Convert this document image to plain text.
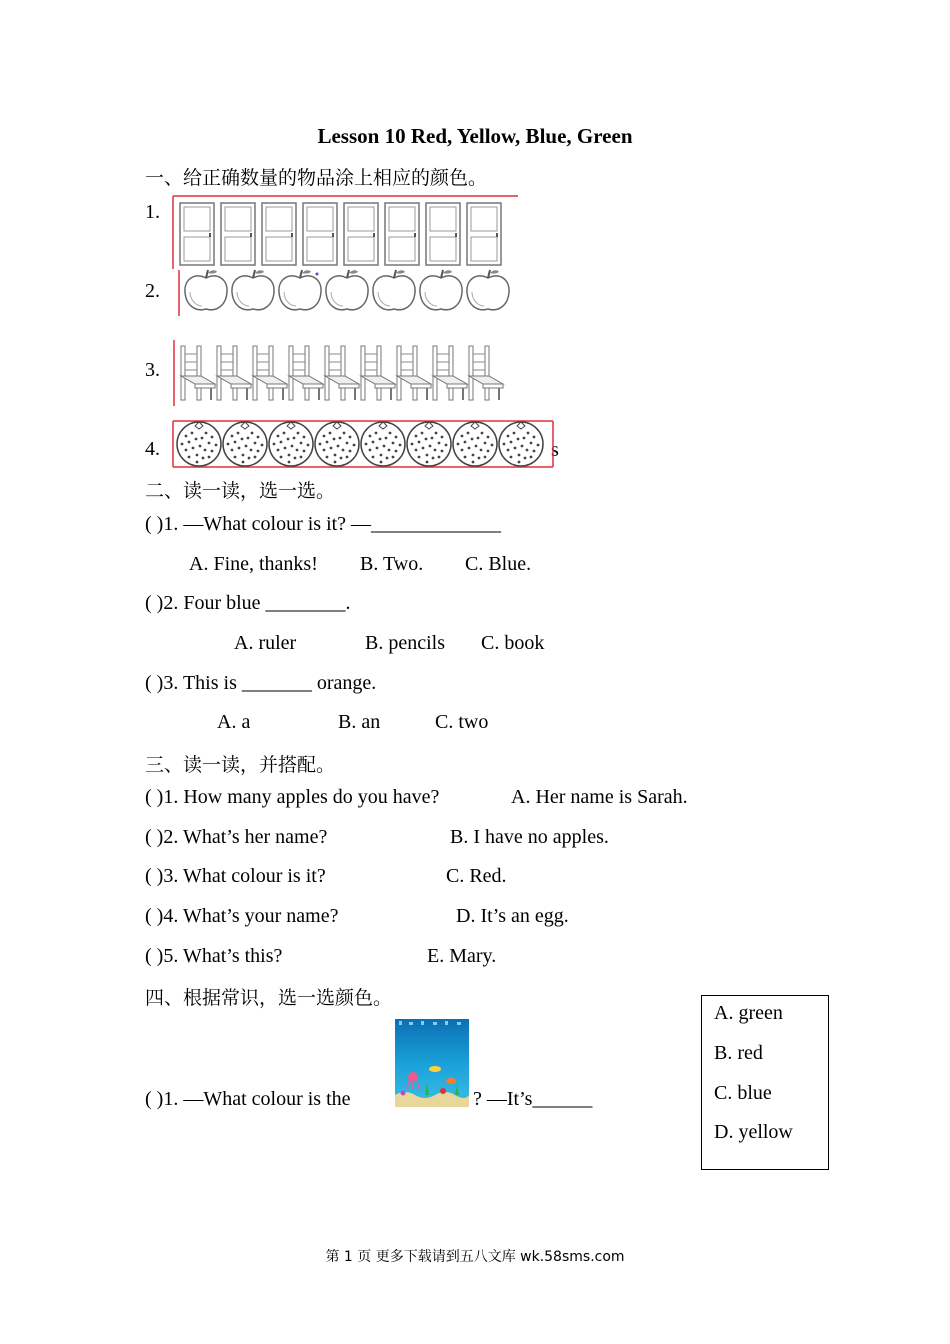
Lesson 10 Red, Yellow, Blue, Green
一、给正确数量的物品涂上相应的颜色。
1.
2.
3.
4.	s
二、读一读，选一选。
( )1. —What colour is it? —_____________
A. Fine, thanks! B. Two. C. Blue.
( )2. Four blue ________.
A. ruler	B. pencils C. book
( )3. This is _______ orange.
A. a	B. an	C. two
三、读一读，并搭配。
( )1. How many apples do you have?	A. Her name is Sarah.
( )2. What’s her name?	B. I have no apples.
( )3. What colour is it?	C. Red.
( )4. What’s your name?	D. It’s an egg.
( )5. What’s this?	E. Mary.
四、根据常识，选一选颜色。
( )1. —What colour is the	? —It’s______
A. green
B. red
C. blue
D. yellow
第 1 页 更多下载请到五八文库 wk.58sms.com
